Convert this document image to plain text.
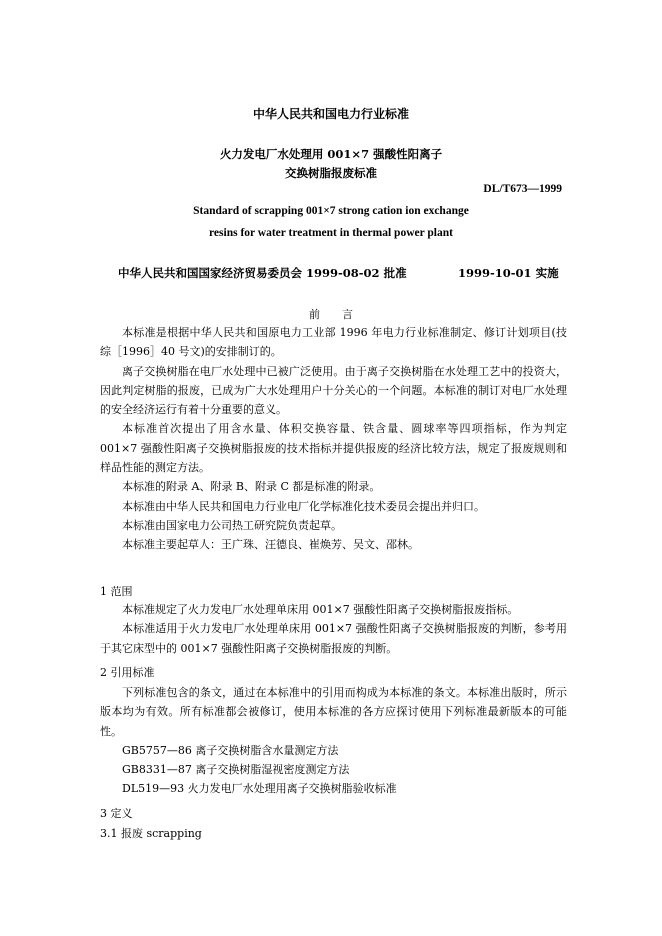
中华人民共和国电力行业标准
火力发电厂水处理用 001×7 强酸性阳离子
交换树脂报废标准
DL/T673—1999
Standard of scrapping 001×7 strong cation ion exchange
resins for water treatment in thermal power plant
中华人民共和国国家经济贸易委员会 1999-08-02 批准	1999-10-01 实施
前　　言
本标准是根据中华人民共和国原电力工业部 1996 年电力行业标准制定、修订计划项目(技综［1996］40 号文)的安排制订的。
离子交换树脂在电厂水处理中已被广泛使用。由于离子交换树脂在水处理工艺中的投资大， 因此判定树脂的报废，已成为广大水处理用户十分关心的一个问题。本标准的制订对电厂水处理的安全经济运行有着十分重要的意义。
本标准首次提出了用含水量、体积交换容量、铁含量、圆球率等四项指标，作为判定 001×7 强酸性阳离子交换树脂报废的技术指标并提供报废的经济比较方法，规定了报废规则和样品性能的测定方法。
本标准的附录 A、附录 B、附录 C 都是标准的附录。
本标准由中华人民共和国电力行业电厂化学标准化技术委员会提出并归口。
本标准由国家电力公司热工研究院负责起草。
本标准主要起草人：王广珠、汪德良、崔焕芳、吴文、邵林。
1 范围
本标准规定了火力发电厂水处理单床用 001×7 强酸性阳离子交换树脂报废指标。
本标准适用于火力发电厂水处理单床用 001×7 强酸性阳离子交换树脂报废的判断，参考用于其它床型中的 001×7 强酸性阳离子交换树脂报废的判断。
2 引用标准
下列标准包含的条文，通过在本标准中的引用而构成为本标准的条文。本标准出版时，所示版本均为有效。所有标准都会被修订，使用本标准的各方应探讨使用下列标准最新版本的可能性。
GB5757—86 离子交换树脂含水量测定方法
GB8331—87 离子交换树脂湿视密度测定方法
DL519—93 火力发电厂水处理用离子交换树脂验收标准
3 定义
3.1 报废 scrapping
